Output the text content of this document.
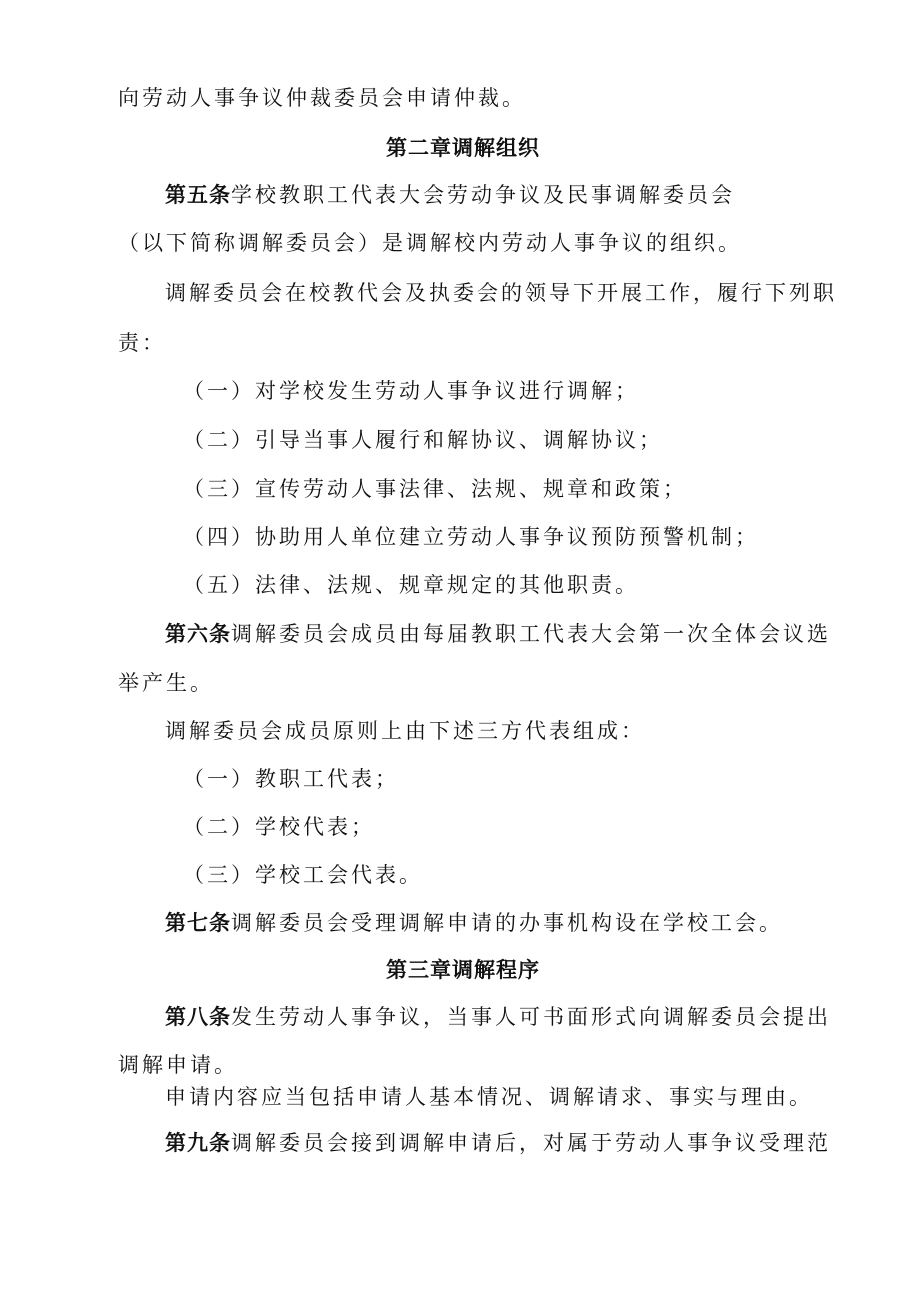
向劳动人事争议仲裁委员会申请仲裁。
第二章调解组织
第五条学校教职工代表大会劳动争议及民事调解委员会
（以下简称调解委员会）是调解校内劳动人事争议的组织。
调解委员会在校教代会及执委会的领导下开展工作，履行下列职
责：
（一）对学校发生劳动人事争议进行调解；
（二）引导当事人履行和解协议、调解协议；
（三）宣传劳动人事法律、法规、规章和政策；
（四）协助用人单位建立劳动人事争议预防预警机制；
（五）法律、法规、规章规定的其他职责。
第六条调解委员会成员由每届教职工代表大会第一次全体会议选
举产生。
调解委员会成员原则上由下述三方代表组成：
（一）教职工代表；
（二）学校代表；
（三）学校工会代表。
第七条调解委员会受理调解申请的办事机构设在学校工会。
第三章调解程序
第八条发生劳动人事争议，当事人可书面形式向调解委员会提出
调解申请。
申请内容应当包括申请人基本情况、调解请求、事实与理由。
第九条调解委员会接到调解申请后，对属于劳动人事争议受理范
